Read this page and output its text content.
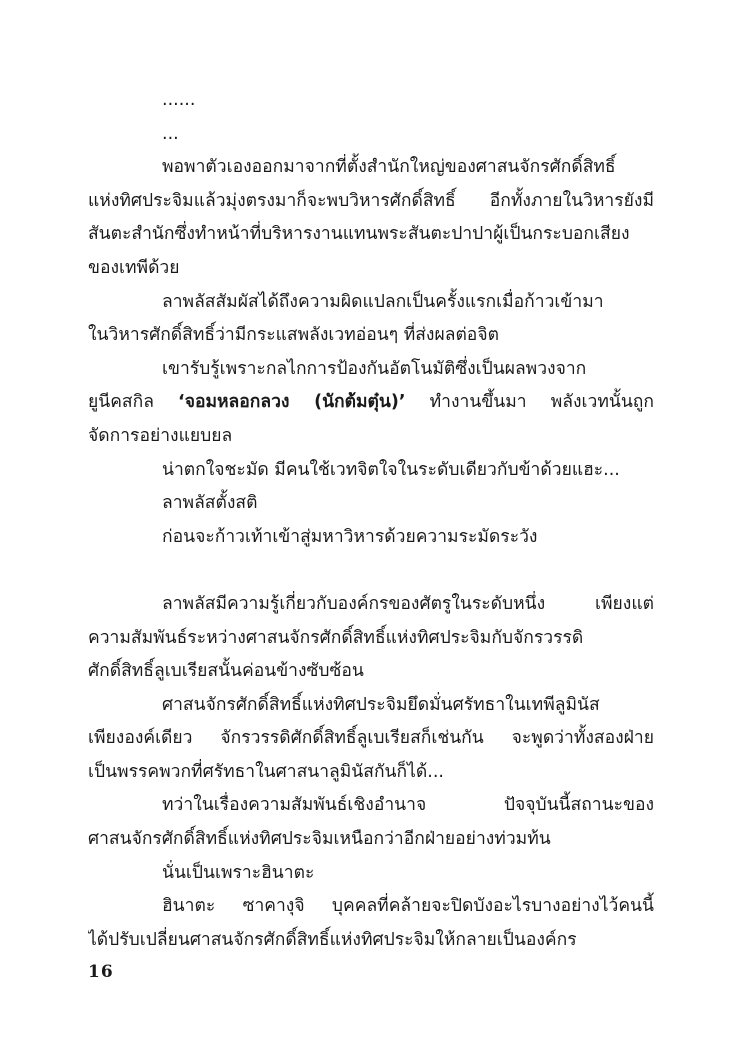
......
...
พอพาตัวเองออกมาจากที่ตั้งสำนักใหญ่ของศาสนจักรศักดิ์สิทธิ์
แห่งทิศประจิมแล้วมุ่งตรงมาก็จะพบวิหารศักดิ์สิทธิ์ อีกทั้งภายในวิหารยังมี
สันตะสำนักซึ่งทำหน้าที่บริหารงานแทนพระสันตะปาปาผู้เป็นกระบอกเสียง
ของเทพีด้วย
ลาพลัสสัมผัสได้ถึงความผิดแปลกเป็นครั้งแรกเมื่อก้าวเข้ามา
ในวิหารศักดิ์สิทธิ์ว่ามีกระแสพลังเวทอ่อนๆ ที่ส่งผลต่อจิต
เขารับรู้เพราะกลไกการป้องกันอัตโนมัติซึ่งเป็นผลพวงจาก
ยูนีคสกิล ‘จอมหลอกลวง (นักต้มตุ๋น)’ ทำงานขึ้นมา พลังเวทนั้นถูก
จัดการอย่างแยบยล
น่าตกใจชะมัด มีคนใช้เวทจิตใจในระดับเดียวกับข้าด้วยแฮะ...
ลาพลัสตั้งสติ
ก่อนจะก้าวเท้าเข้าสู่มหาวิหารด้วยความระมัดระวัง
ลาพลัสมีความรู้เกี่ยวกับองค์กรของศัตรูในระดับหนึ่ง เพียงแต่
ความสัมพันธ์ระหว่างศาสนจักรศักดิ์สิทธิ์แห่งทิศประจิมกับจักรวรรดิ
ศักดิ์สิทธิ์ลูเบเรียสนั้นค่อนข้างซับซ้อน
ศาสนจักรศักดิ์สิทธิ์แห่งทิศประจิมยึดมั่นศรัทธาในเทพีลูมินัส
เพียงองค์เดียว จักรวรรดิศักดิ์สิทธิ์ลูเบเรียสก็เช่นกัน จะพูดว่าทั้งสองฝ่าย
เป็นพรรคพวกที่ศรัทธาในศาสนาลูมินัสกันก็ได้...
ทว่าในเรื่องความสัมพันธ์เชิงอำนาจ ปัจจุบันนี้สถานะของ
ศาสนจักรศักดิ์สิทธิ์แห่งทิศประจิมเหนือกว่าอีกฝ่ายอย่างท่วมท้น
นั่นเป็นเพราะฮินาตะ
ฮินาตะ ซาคางุจิ บุคคลที่คล้ายจะปิดบังอะไรบางอย่างไว้คนนี้
ได้ปรับเปลี่ยนศาสนจักรศักดิ์สิทธิ์แห่งทิศประจิมให้กลายเป็นองค์กร
16
